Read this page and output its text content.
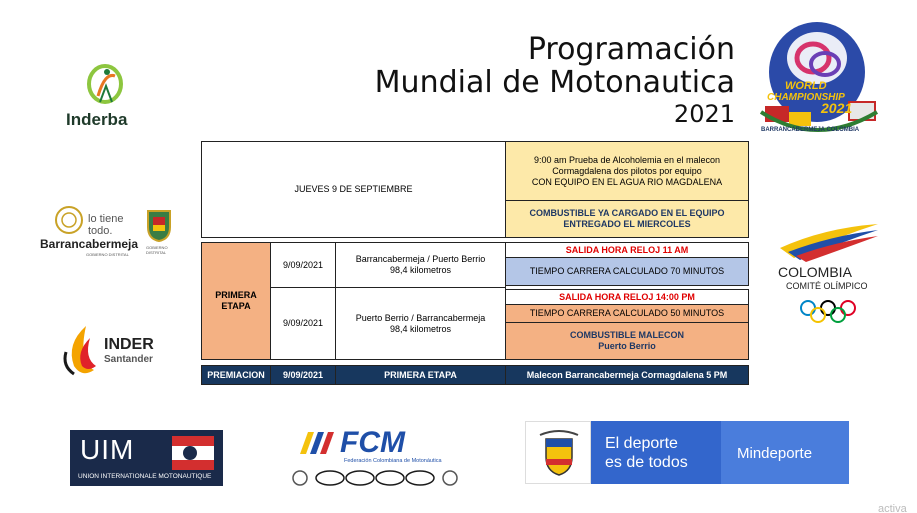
Programación
Mundial de Motonautica
2021
Inderba
lo tiene
todo.
Barrancabermeja
GOBIERNO DISTRITAL
GOBIERNO DISTRITAL
INDER
Santander
WORLD
CHAMPIONSHIP
2021
BARRANCABERMEJA COLOMBIA
COLOMBIA
COMITÉ OLÍMPICO
JUEVES 9 DE SEPTIEMBRE
9:00 am Prueba de Alcoholemia en el malecon
Cormagdalena dos pilotos por equipo
CON EQUIPO EN EL AGUA RIO MAGDALENA
COMBUSTIBLE YA CARGADO EN EL EQUIPO
ENTREGADO EL MIERCOLES
PRIMERA
ETAPA
9/09/2021
Barrancabermeja / Puerto Berrio
98,4 kilometros
SALIDA HORA RELOJ 11 AM
TIEMPO CARRERA CALCULADO 70 MINUTOS
9/09/2021
Puerto Berrio / Barrancabermeja
98,4 kilometros
SALIDA HORA RELOJ 14:00 PM
TIEMPO CARRERA CALCULADO 50 MINUTOS
COMBUSTIBLE MALECON
Puerto Berrio
PREMIACION 9/09/2021	PRIMERA ETAPA	Malecon Barrancabermeja Cormagdalena 5 PM
UIM
UNION INTERNATIONALE MOTONAUTIQUE
FCM
Federación Colombiana de Motonáutica
El deporte
es de todos
Mindeporte
activa
